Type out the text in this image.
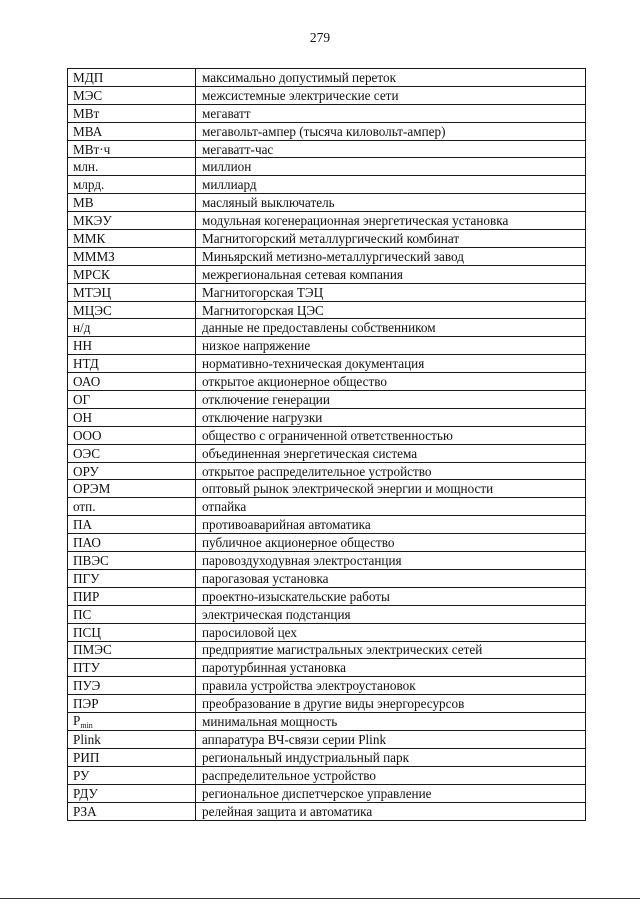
279
МДП	максимально допустимый переток
МЭС	межсистемные электрические сети
МВт	мегаватт
МВА	мегавольт-ампер (тысяча киловольт-ампер)
МВт·ч	мегаватт-час
млн.	миллион
млрд.	миллиард
МВ	масляный выключатель
МКЭУ	модульная когенерационная энергетическая установка
ММК	Магнитогорский металлургический комбинат
МММЗ	Миньярский метизно-металлургический завод
МРСК	межрегиональная сетевая компания
МТЭЦ	Магнитогорская ТЭЦ
МЦЭС	Магнитогорская ЦЭС
н/д	данные не предоставлены собственником
НН	низкое напряжение
НТД	нормативно-техническая документация
ОАО	открытое акционерное общество
ОГ	отключение генерации
ОН	отключение нагрузки
ООО	общество с ограниченной ответственностью
ОЭС	объединенная энергетическая система
ОРУ	открытое распределительное устройство
ОРЭМ	оптовый рынок электрической энергии и мощности
отп.	отпайка
ПА	противоаварийная автоматика
ПАО	публичное акционерное общество
ПВЭС	паровоздуходувная электростанция
ПГУ	парогазовая установка
ПИР	проектно-изыскательские работы
ПС	электрическая подстанция
ПСЦ	паросиловой цех
ПМЭС	предприятие магистральных электрических сетей
ПТУ	паротурбинная установка
ПУЭ	правила устройства электроустановок
ПЭР	преобразование в другие виды энергоресурсов
$P_{min}$	минимальная мощность
Plink	аппаратура ВЧ-связи серии Plink
РИП	региональный индустриальный парк
РУ	распределительное устройство
РДУ	региональное диспетчерское управление
РЗА	релейная защита и автоматика
